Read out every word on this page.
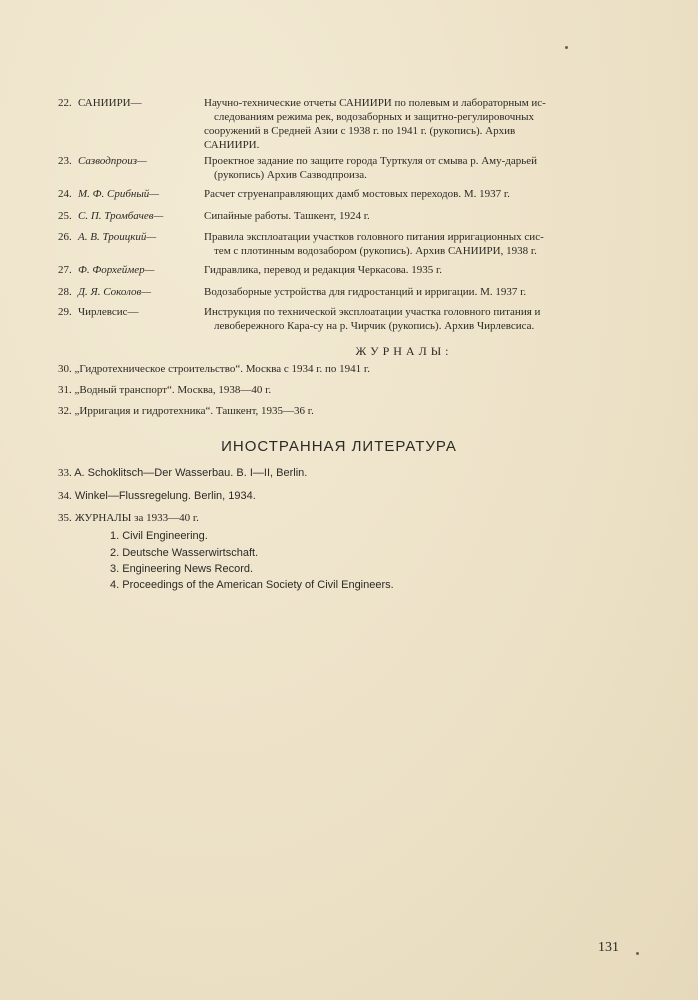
22. САНИИРИ—	Научно-технические отчеты САНИИРИ по полевым и лабораторным ис-
следованиям режима рек, водозаборных и защитно-регулировочных
сооружений в Средней Азии с 1938 г. по 1941 г. (рукопись). Архив
САНИИРИ.
23. Сазводпроиз—	Проектное задание по защите города Турткуля от смыва р. Аму-дарьей
(рукопись) Архив Сазводпроиза.
24. М. Ф. Срибный—	Расчет струенаправляющих дамб мостовых переходов. М. 1937 г.
25. С. П. Тромбачев—	Сипайные работы. Ташкент, 1924 г.
26. А. В. Троицкий—	Правила эксплоатации участков головного питания ирригационных сис-
тем с плотинным водозабором (рукопись). Архив САНИИРИ, 1938 г.
27. Ф. Форхеймер—	Гидравлика, перевод и редакция Черкасова. 1935 г.
28. Д. Я. Соколов—	Водозаборные устройства для гидростанций и ирригации. М. 1937 г.
29. Чирлевсис—	Инструкция по технической эксплоатации участка головного питания и
левобережного Кара-су на р. Чирчик (рукопись). Архив Чирлевсиса.
ЖУРНАЛЫ:
30. „Гидротехническое строительство“. Москва с 1934 г. по 1941 г.
31. „Водный транспорт“. Москва, 1938—40 г.
32. „Ирригация и гидротехника“. Ташкент, 1935—36 г.
ИНОСТРАННАЯ ЛИТЕРАТУРА
33. A. Schoklitsch—Der Wasserbau. B. I—II, Berlin.
34. Winkel—Flussregelung. Berlin, 1934.
35. ЖУРНАЛЫ за 1933—40 г.
1. Civil Engineering.
2. Deutsche Wasserwirtschaft.
3. Engineering News Record.
4. Proceedings of the American Society of Civil Engineers.
131
